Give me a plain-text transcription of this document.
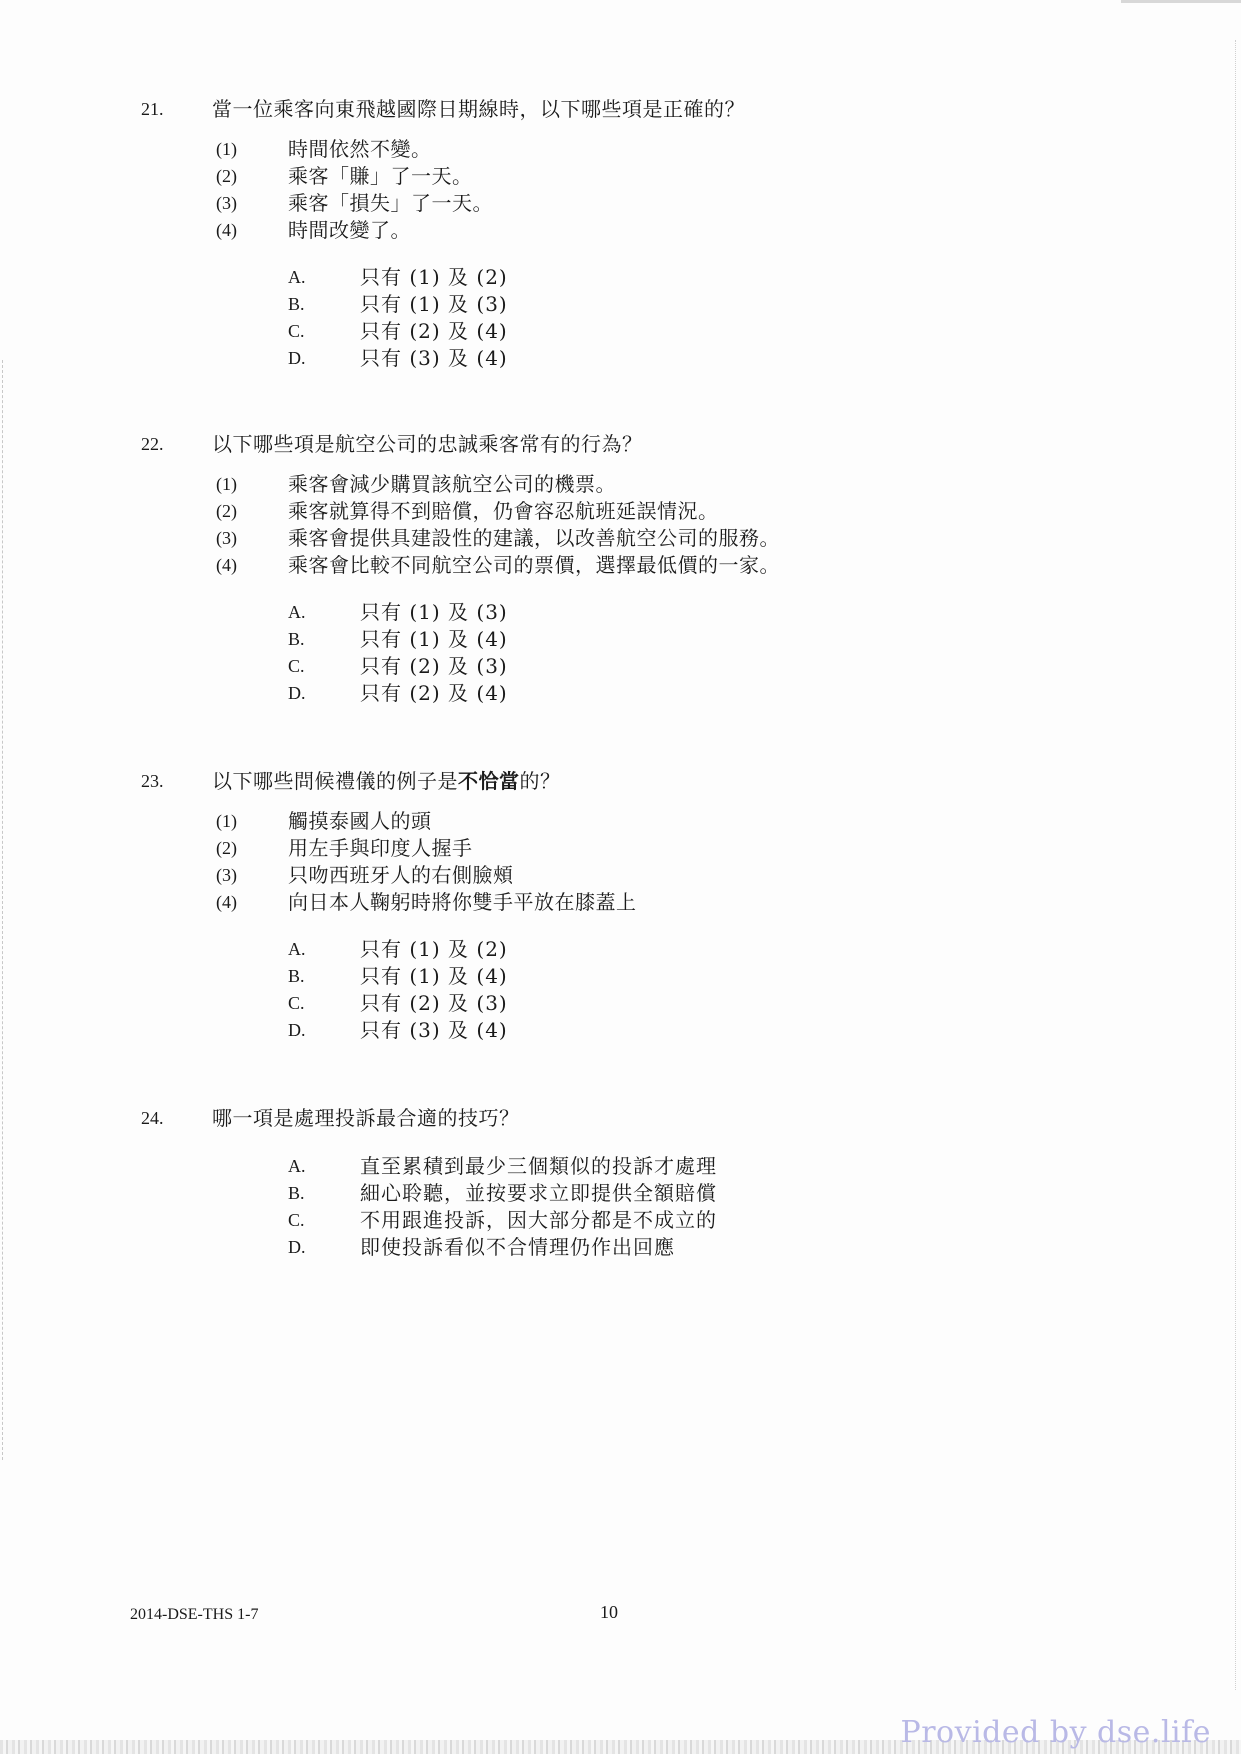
21. 當一位乘客向東飛越國際日期線時，以下哪些項是正確的？
(1)	時間依然不變。
(2)	乘客「賺」了一天。
(3)	乘客「損失」了一天。
(4)	時間改變了。
A.	只有 (1) 及 (2)
B.	只有 (1) 及 (3)
C.	只有 (2) 及 (4)
D.	只有 (3) 及 (4)
22. 以下哪些項是航空公司的忠誠乘客常有的行為？
(1)	乘客會減少購買該航空公司的機票。
(2)	乘客就算得不到賠償，仍會容忍航班延誤情況。
(3)	乘客會提供具建設性的建議，以改善航空公司的服務。
(4)	乘客會比較不同航空公司的票價，選擇最低價的一家。
A.	只有 (1) 及 (3)
B.	只有 (1) 及 (4)
C.	只有 (2) 及 (3)
D.	只有 (2) 及 (4)
23. 以下哪些問候禮儀的例子是不恰當的？
(1)	觸摸泰國人的頭
(2)	用左手與印度人握手
(3)	只吻西班牙人的右側臉頰
(4)	向日本人鞠躬時將你雙手平放在膝蓋上
A.	只有 (1) 及 (2)
B.	只有 (1) 及 (4)
C.	只有 (2) 及 (3)
D.	只有 (3) 及 (4)
24. 哪一項是處理投訴最合適的技巧？
A.	直至累積到最少三個類似的投訴才處理
B.	細心聆聽，並按要求立即提供全額賠償
C.	不用跟進投訴，因大部分都是不成立的
D.	即使投訴看似不合情理仍作出回應
2014-DSE-THS 1-7	10
Provided by dse.life
